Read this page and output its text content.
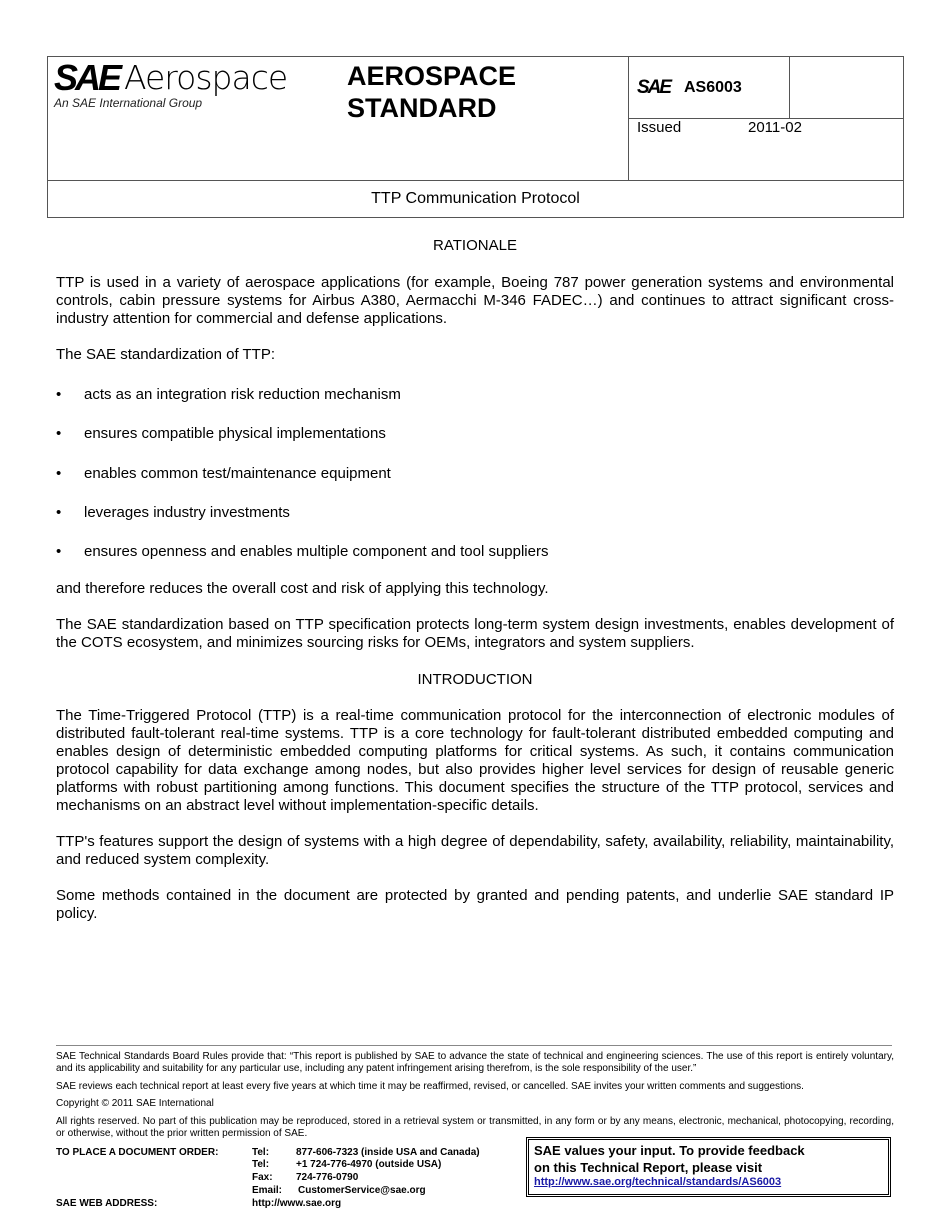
SAE Aerospace
An SAE International Group
AEROSPACE
STANDARD
SAE AS6003
Issued	2011-02
TTP Communication Protocol
RATIONALE

TTP is used in a variety of aerospace applications (for example, Boeing 787 power generation systems and environmental controls, cabin pressure systems for Airbus A380, Aermacchi M-346 FADEC…) and continues to attract significant cross-industry attention for commercial and defense applications.

The SAE standardization of TTP:

• acts as an integration risk reduction mechanism
• ensures compatible physical implementations
• enables common test/maintenance equipment
• leverages industry investments
• ensures openness and enables multiple component and tool suppliers

and therefore reduces the overall cost and risk of applying this technology.

The SAE standardization based on TTP specification protects long-term system design investments, enables development of the COTS ecosystem, and minimizes sourcing risks for OEMs, integrators and system suppliers.

INTRODUCTION

The Time-Triggered Protocol (TTP) is a real-time communication protocol for the interconnection of electronic modules of distributed fault-tolerant real-time systems. TTP is a core technology for fault-tolerant distributed embedded computing and enables design of deterministic embedded computing platforms for critical systems. As such, it contains communication protocol capability for data exchange among nodes, but also provides higher level services for design of reusable generic platforms with robust partitioning among functions. This document specifies the structure of the TTP protocol, services and mechanisms on an abstract level without implementation-specific details.

TTP's features support the design of systems with a high degree of dependability, safety, availability, reliability, maintainability, and reduced system complexity.

Some methods contained in the document are protected by granted and pending patents, and underlie SAE standard IP policy.

SAE Technical Standards Board Rules provide that: “This report is published by SAE to advance the state of technical and engineering sciences. The use of this report is entirely voluntary, and its applicability and suitability for any particular use, including any patent infringement arising therefrom, is the sole responsibility of the user.”

SAE reviews each technical report at least every five years at which time it may be reaffirmed, revised, or cancelled. SAE invites your written comments and suggestions.

Copyright © 2011 SAE International

All rights reserved. No part of this publication may be reproduced, stored in a retrieval system or transmitted, in any form or by any means, electronic, mechanical, photocopying, recording, or otherwise, without the prior written permission of SAE.

TO PLACE A DOCUMENT ORDER:	Tel:	877-606-7323 (inside USA and Canada)
Tel:	+1 724-776-4970 (outside USA)
Fax: 724-776-0790
Email: CustomerService@sae.org
SAE WEB ADDRESS:	http://www.sae.org
SAE values your input. To provide feedback
on this Technical Report, please visit
http://www.sae.org/technical/standards/AS6003
